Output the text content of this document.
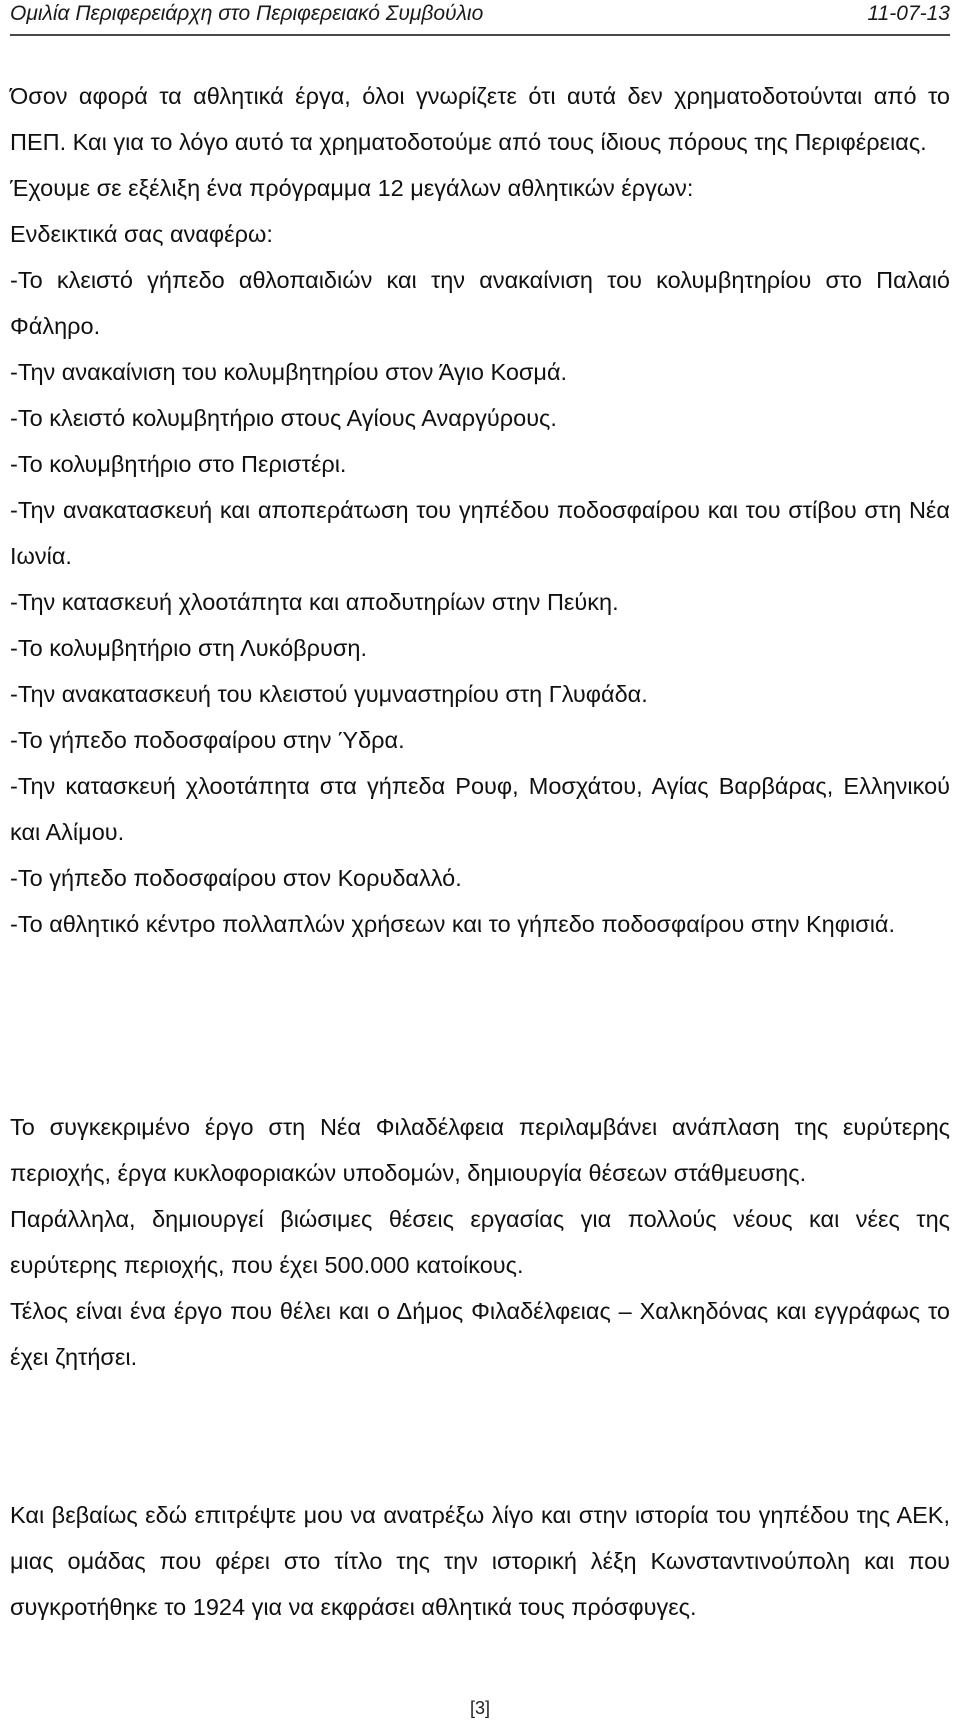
Ομιλία Περιφερειάρχη στο Περιφερειακό Συμβούλιο	11-07-13

Όσον αφορά τα αθλητικά έργα, όλοι γνωρίζετε ότι αυτά δεν χρηματοδοτούνται από το ΠΕΠ. Και για το λόγο αυτό τα χρηματοδοτούμε από τους ίδιους πόρους της Περιφέρειας.

Έχουμε σε εξέλιξη ένα πρόγραμμα 12 μεγάλων αθλητικών έργων:

Ενδεικτικά σας αναφέρω:

-Το κλειστό γήπεδο αθλοπαιδιών και την ανακαίνιση του κολυμβητηρίου στο Παλαιό Φάληρο.

-Την ανακαίνιση του κολυμβητηρίου στον Άγιο Κοσμά.

-Το κλειστό κολυμβητήριο στους Αγίους Αναργύρους.

-Το κολυμβητήριο στο Περιστέρι.

-Την ανακατασκευή και αποπεράτωση του γηπέδου ποδοσφαίρου και του στίβου στη Νέα Ιωνία.

-Την κατασκευή χλοοτάπητα και αποδυτηρίων στην Πεύκη.

-Το κολυμβητήριο στη Λυκόβρυση.

-Την ανακατασκευή του κλειστού γυμναστηρίου στη Γλυφάδα.

-Το γήπεδο ποδοσφαίρου στην Ύδρα.

-Την κατασκευή χλοοτάπητα στα γήπεδα Ρουφ, Μοσχάτου, Αγίας Βαρβάρας, Ελληνικού και Αλίμου.

-Το γήπεδο ποδοσφαίρου στον Κορυδαλλό.

-Το αθλητικό κέντρο πολλαπλών χρήσεων και το γήπεδο ποδοσφαίρου στην Κηφισιά.

Το συγκεκριμένο έργο στη Νέα Φιλαδέλφεια περιλαμβάνει ανάπλαση της ευρύτερης περιοχής, έργα κυκλοφοριακών υποδομών, δημιουργία θέσεων στάθμευσης.

Παράλληλα, δημιουργεί βιώσιμες θέσεις εργασίας για πολλούς νέους και νέες της ευρύτερης περιοχής, που έχει 500.000 κατοίκους.

Τέλος είναι ένα έργο που θέλει και ο Δήμος Φιλαδέλφειας – Χαλκηδόνας και εγγράφως το έχει ζητήσει.

Και βεβαίως εδώ επιτρέψτε μου να ανατρέξω λίγο και στην ιστορία του γηπέδου της ΑΕΚ, μιας ομάδας που φέρει στο τίτλο της την ιστορική λέξη Κωνσταντινούπολη και που συγκροτήθηκε το 1924 για να εκφράσει αθλητικά τους πρόσφυγες.

[3]
